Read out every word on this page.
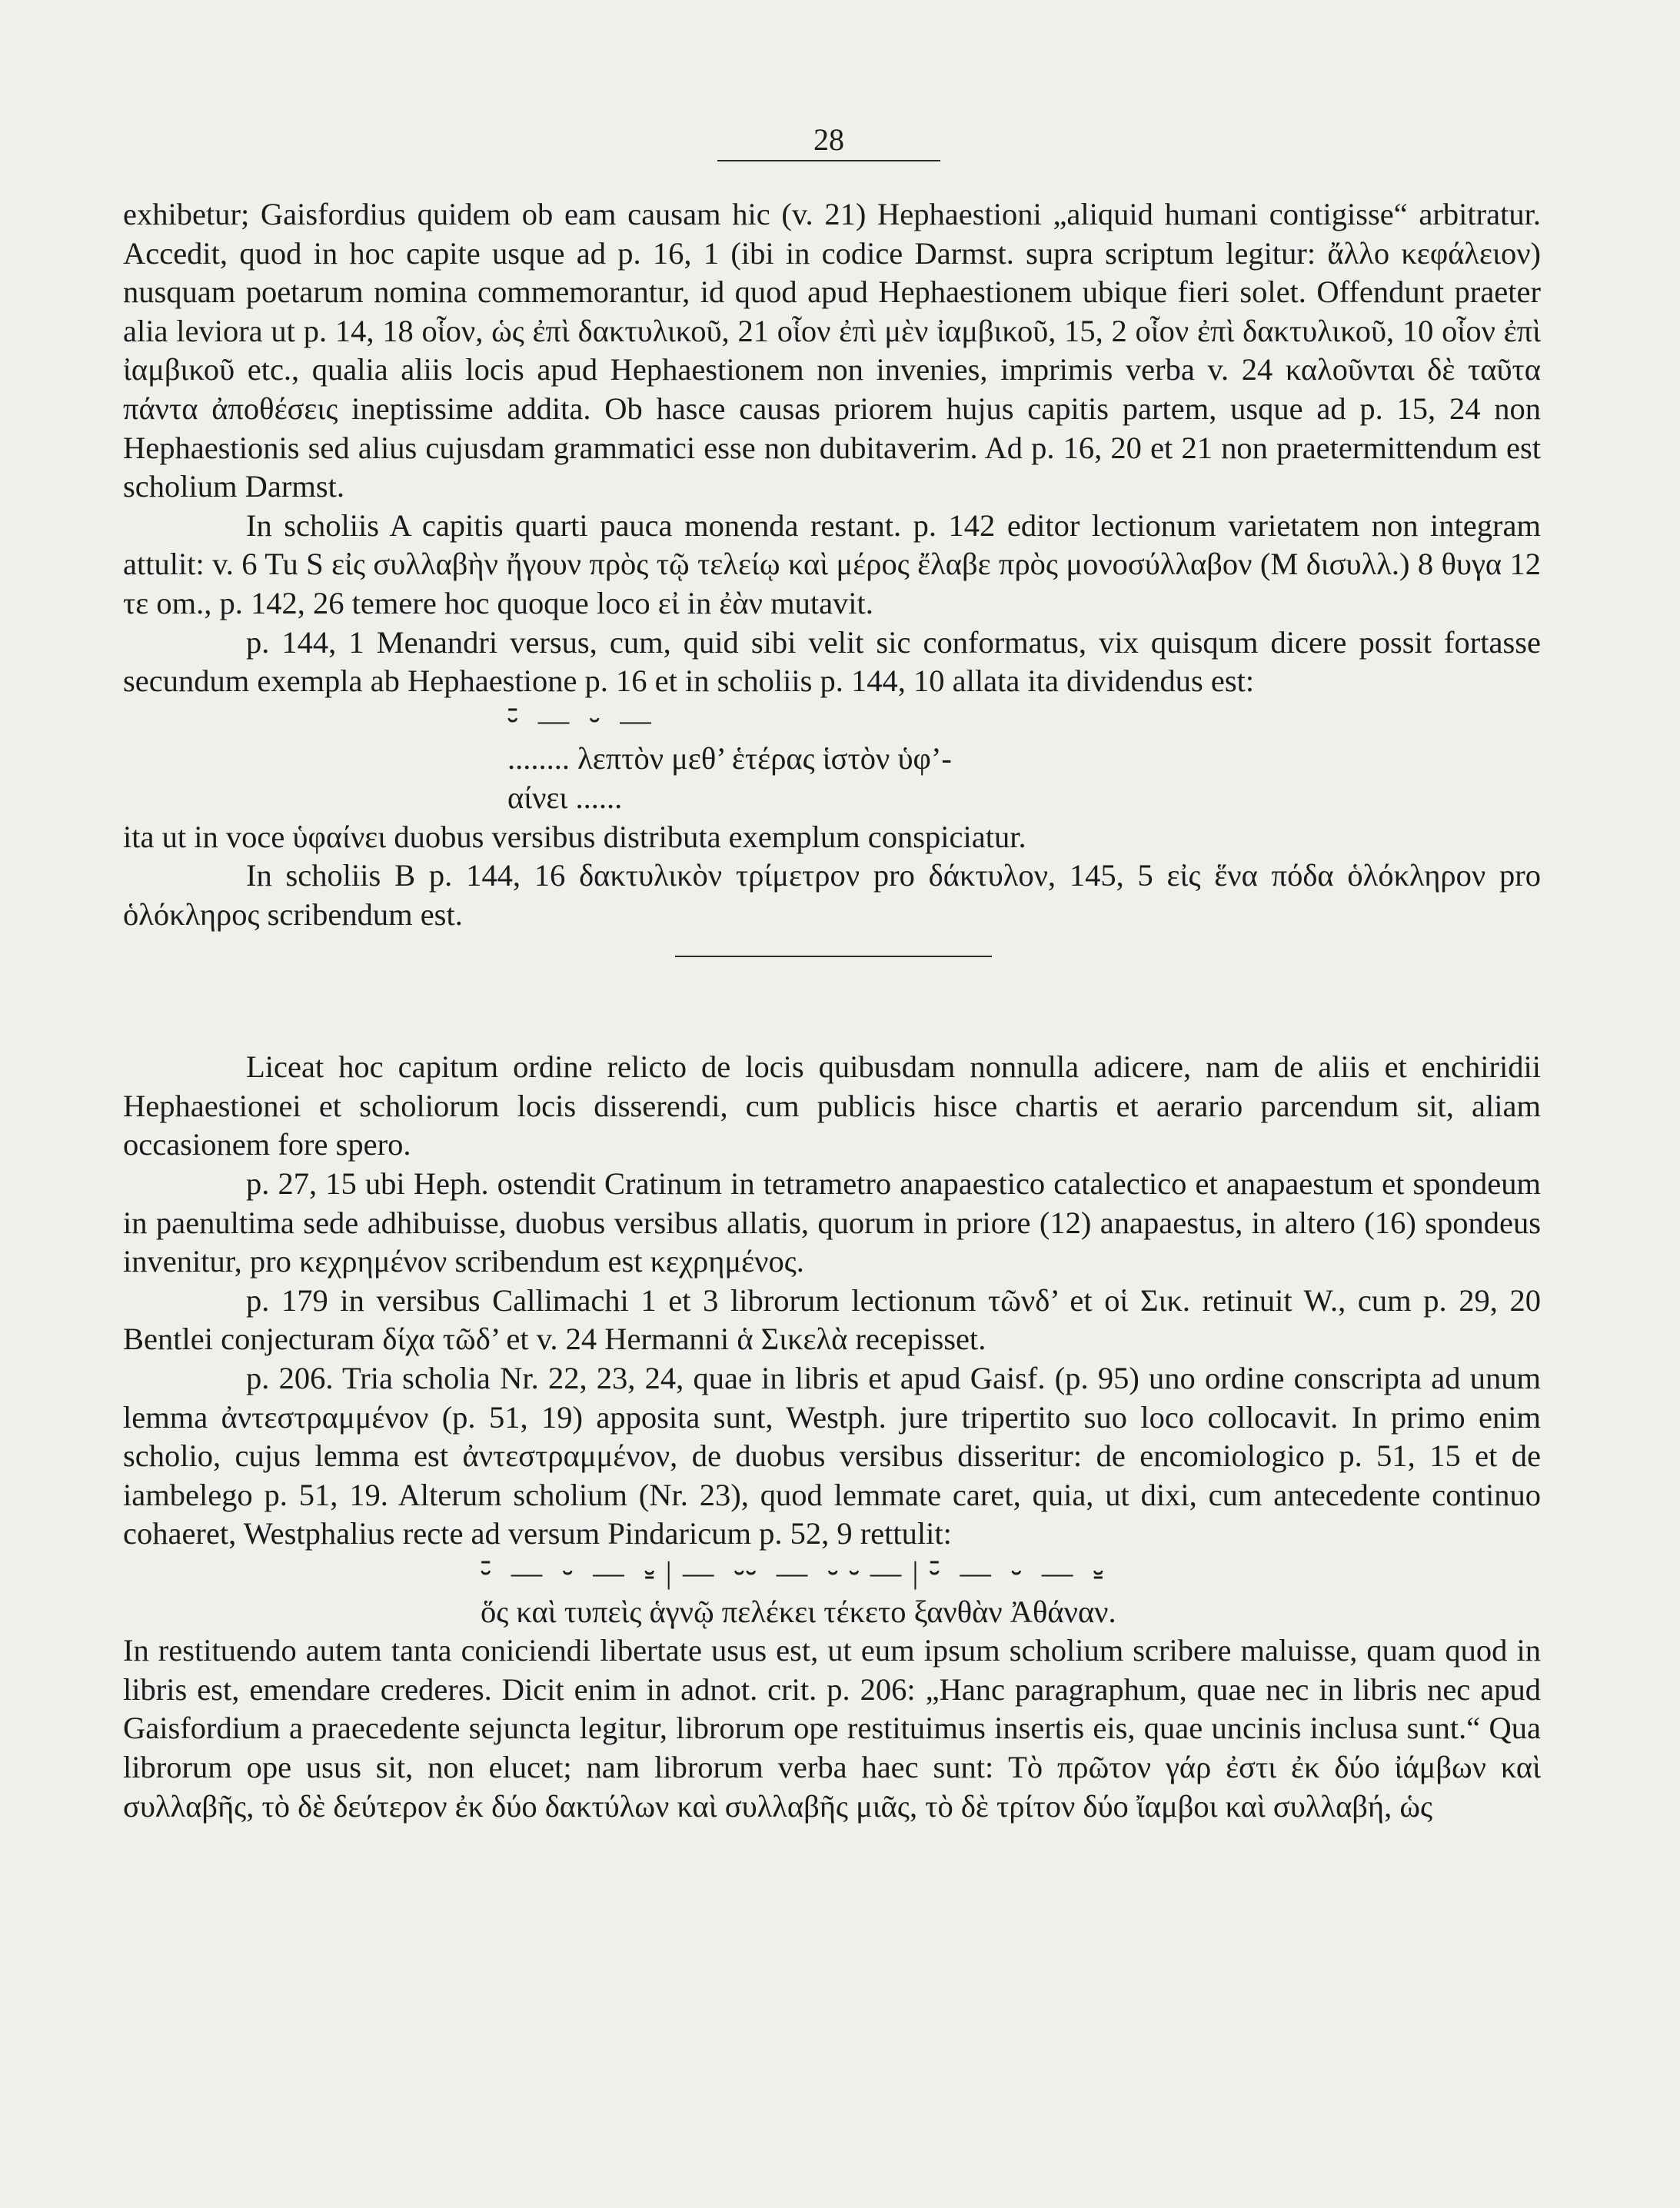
28

exhibetur; Gaisfordius quidem ob eam causam hic (v. 21) Hephaestioni „aliquid humani contigisse“ arbitratur. Accedit, quod in hoc capite usque ad p. 16, 1 (ibi in codice Darmst. supra scriptum legitur: ἄλλο κεφάλειον) nusquam poetarum nomina commemorantur, id quod apud Hephaestionem ubique fieri solet. Offendunt praeter alia leviora ut p. 14, 18 οἷον, ὡς ἐπὶ δακτυλικοῦ, 21 οἷον ἐπὶ μὲν ἰαμβικοῦ, 15, 2 οἷον ἐπὶ δακτυλικοῦ, 10 οἷον ἐπὶ ἰαμβικοῦ etc., qualia aliis locis apud Hephaestionem non invenies, imprimis verba v. 24 καλοῦνται δὲ ταῦτα πάντα ἀποθέσεις ineptissime addita. Ob hasce causas priorem hujus capitis partem, usque ad p. 15, 24 non Hephaestionis sed alius cujusdam grammatici esse non dubitaverim. Ad p. 16, 20 et 21 non praetermittendum est scholium Darmst.

In scholiis A capitis quarti pauca monenda restant. p. 142 editor lectionum varietatem non integram attulit: v. 6 Tu S εἰς συλλαβὴν ἤγουν πρὸς τῷ τελείῳ καὶ μέρος ἔλαβε πρὸς μονοσύλλαβον (M δισυλλ.) 8 θυγα 12 τε om., p. 142, 26 temere hoc quoque loco εἰ in ἐὰν mutavit.

p. 144, 1 Menandri versus, cum, quid sibi velit sic conformatus, vix quisqum dicere possit fortasse secundum exempla ab Hephaestione p. 16 et in scholiis p. 144, 10 allata ita dividendus est:

⏑̄  —  ⏑  —

........ λεπτὸν μεθ’ ἑτέρας ἱστὸν ὑφ’-

αίνει ......

ita ut in voce ὑφαίνει duobus versibus distributa exemplum conspiciatur.

In scholiis B p. 144, 16 δακτυλικὸν τρίμετρον pro δάκτυλον, 145, 5 εἰς ἕνα πόδα ὁλόκληρον pro ὁλόκληρος scribendum est.

Liceat hoc capitum ordine relicto de locis quibusdam nonnulla adicere, nam de aliis et enchiridii Hephaestionei et scholiorum locis disserendi, cum publicis hisce chartis et aerario parcendum sit, aliam occasionem fore spero.

p. 27, 15 ubi Heph. ostendit Cratinum in tetrametro anapaestico catalectico et anapaestum et spondeum in paenultima sede adhibuisse, duobus versibus allatis, quorum in priore (12) anapaestus, in altero (16) spondeus invenitur, pro κεχρημένον scribendum est κεχρημένος.

p. 179 in versibus Callimachi 1 et 3 librorum lectionum τῶνδ’ et οἱ Σικ. retinuit W., cum p. 29, 20 Bentlei conjecturam δίχα τῶδ’ et v. 24 Hermanni ἁ Σικελὰ recepisset.

p. 206. Tria scholia Nr. 22, 23, 24, quae in libris et apud Gaisf. (p. 95) uno ordine conscripta ad unum lemma ἀντεστραμμένον (p. 51, 19) apposita sunt, Westph. jure tripertito suo loco collocavit. In primo enim scholio, cujus lemma est ἀντεστραμμένον, de duobus versibus disseritur: de encomiologico p. 51, 15 et de iambelego p. 51, 19. Alterum scholium (Nr. 23), quod lemmate caret, quia, ut dixi, cum antecedente continuo cohaeret, Westphalius recte ad versum Pindaricum p. 52, 9 rettulit:

⏑̄  —  ⏑  —  ⏓ | —  ⏑⏑  —  ⏑ ⏑ — | ⏑̄  —  ⏑  —  ⏓

ὅς καὶ τυπεὶς ἁγνῷ πελέκει τέκετο ξανθὰν Ἀθάναν.

In restituendo autem tanta coniciendi libertate usus est, ut eum ipsum scholium scribere maluisse, quam quod in libris est, emendare crederes. Dicit enim in adnot. crit. p. 206: „Hanc paragraphum, quae nec in libris nec apud Gaisfordium a praecedente sejuncta legitur, librorum ope restituimus insertis eis, quae uncinis inclusa sunt.“ Qua librorum ope usus sit, non elucet; nam librorum verba haec sunt: Τὸ πρῶτον γάρ ἐστι ἐκ δύο ἰάμβων καὶ συλλαβῆς, τὸ δὲ δεύτερον ἐκ δύο δακτύλων καὶ συλλαβῆς μιᾶς, τὸ δὲ τρίτον δύο ἴαμβοι καὶ συλλαβή, ὡς
